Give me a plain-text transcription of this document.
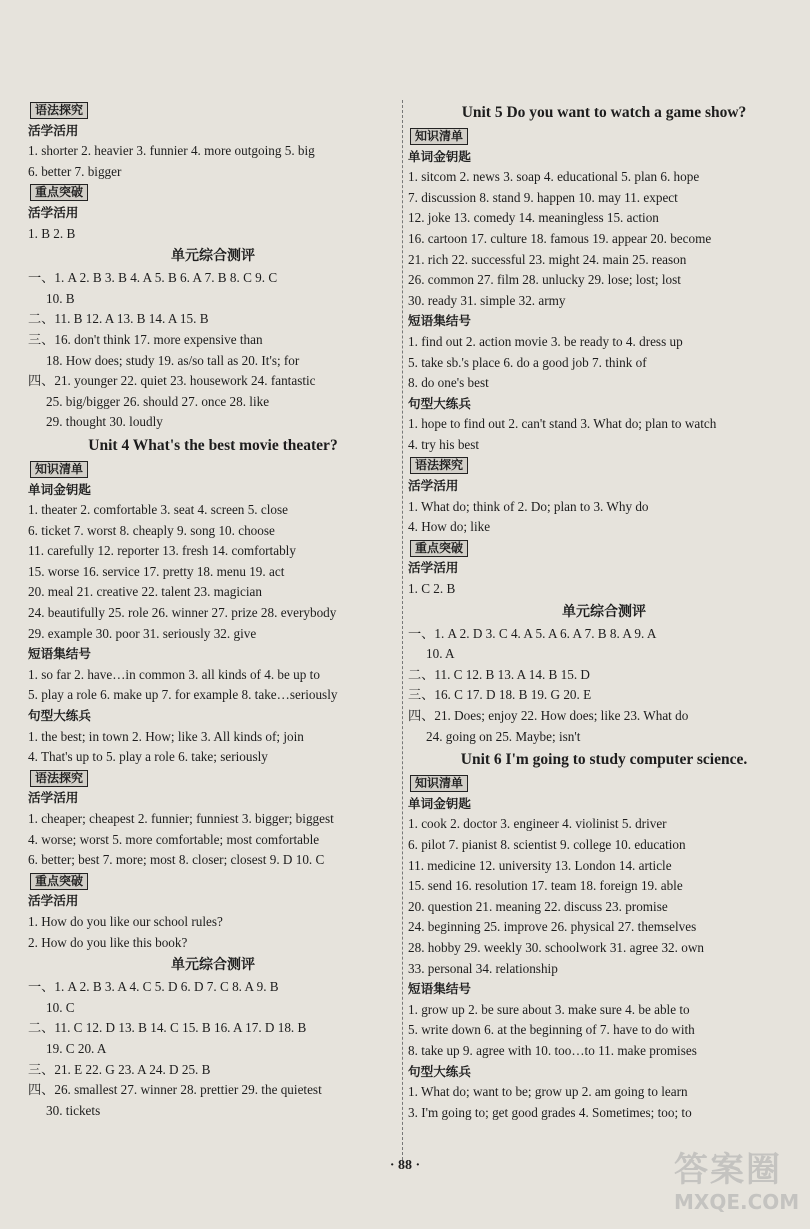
语法探究
活学活用
1. shorter 2. heavier 3. funnier 4. more outgoing 5. big
6. better 7. bigger
重点突破
活学活用
1. B 2. B
单元综合测评
一、1. A 2. B 3. B 4. A 5. B 6. A 7. B 8. C 9. C
10. B
二、11. B 12. A 13. B 14. A 15. B
三、16. don't think 17. more expensive than
18. How does; study 19. as/so tall as 20. It's; for
四、21. younger 22. quiet 23. housework 24. fantastic
25. big/bigger 26. should 27. once 28. like
29. thought 30. loudly
Unit 4 What's the best movie theater?
知识清单
单词金钥匙
1. theater 2. comfortable 3. seat 4. screen 5. close
6. ticket 7. worst 8. cheaply 9. song 10. choose
11. carefully 12. reporter 13. fresh 14. comfortably
15. worse 16. service 17. pretty 18. menu 19. act
20. meal 21. creative 22. talent 23. magician
24. beautifully 25. role 26. winner 27. prize 28. everybody
29. example 30. poor 31. seriously 32. give
短语集结号
1. so far 2. have…in common 3. all kinds of 4. be up to
5. play a role 6. make up 7. for example 8. take…seriously
句型大练兵
1. the best; in town 2. How; like 3. All kinds of; join
4. That's up to 5. play a role 6. take; seriously
语法探究
活学活用
1. cheaper; cheapest 2. funnier; funniest 3. bigger; biggest
4. worse; worst 5. more comfortable; most comfortable
6. better; best 7. more; most 8. closer; closest 9. D 10. C
重点突破
活学活用
1. How do you like our school rules?
2. How do you like this book?
单元综合测评
一、1. A 2. B 3. A 4. C 5. D 6. D 7. C 8. A 9. B
10. C
二、11. C 12. D 13. B 14. C 15. B 16. A 17. D 18. B
19. C 20. A
三、21. E 22. G 23. A 24. D 25. B
四、26. smallest 27. winner 28. prettier 29. the quietest
30. tickets
Unit 5 Do you want to watch a game show?
知识清单
单词金钥匙
1. sitcom 2. news 3. soap 4. educational 5. plan 6. hope
7. discussion 8. stand 9. happen 10. may 11. expect
12. joke 13. comedy 14. meaningless 15. action
16. cartoon 17. culture 18. famous 19. appear 20. become
21. rich 22. successful 23. might 24. main 25. reason
26. common 27. film 28. unlucky 29. lose; lost; lost
30. ready 31. simple 32. army
短语集结号
1. find out 2. action movie 3. be ready to 4. dress up
5. take sb.'s place 6. do a good job 7. think of
8. do one's best
句型大练兵
1. hope to find out 2. can't stand 3. What do; plan to watch
4. try his best
语法探究
活学活用
1. What do; think of 2. Do; plan to 3. Why do
4. How do; like
重点突破
活学活用
1. C 2. B
单元综合测评
一、1. A 2. D 3. C 4. A 5. A 6. A 7. B 8. A 9. A
10. A
二、11. C 12. B 13. A 14. B 15. D
三、16. C 17. D 18. B 19. G 20. E
四、21. Does; enjoy 22. How does; like 23. What do
24. going on 25. Maybe; isn't
Unit 6 I'm going to study computer science.
知识清单
单词金钥匙
1. cook 2. doctor 3. engineer 4. violinist 5. driver
6. pilot 7. pianist 8. scientist 9. college 10. education
11. medicine 12. university 13. London 14. article
15. send 16. resolution 17. team 18. foreign 19. able
20. question 21. meaning 22. discuss 23. promise
24. beginning 25. improve 26. physical 27. themselves
28. hobby 29. weekly 30. schoolwork 31. agree 32. own
33. personal 34. relationship
短语集结号
1. grow up 2. be sure about 3. make sure 4. be able to
5. write down 6. at the beginning of 7. have to do with
8. take up 9. agree with 10. too…to 11. make promises
句型大练兵
1. What do; want to be; grow up 2. am going to learn
3. I'm going to; get good grades 4. Sometimes; too; to
· 88 ·	答案圈
MXQE.COM
